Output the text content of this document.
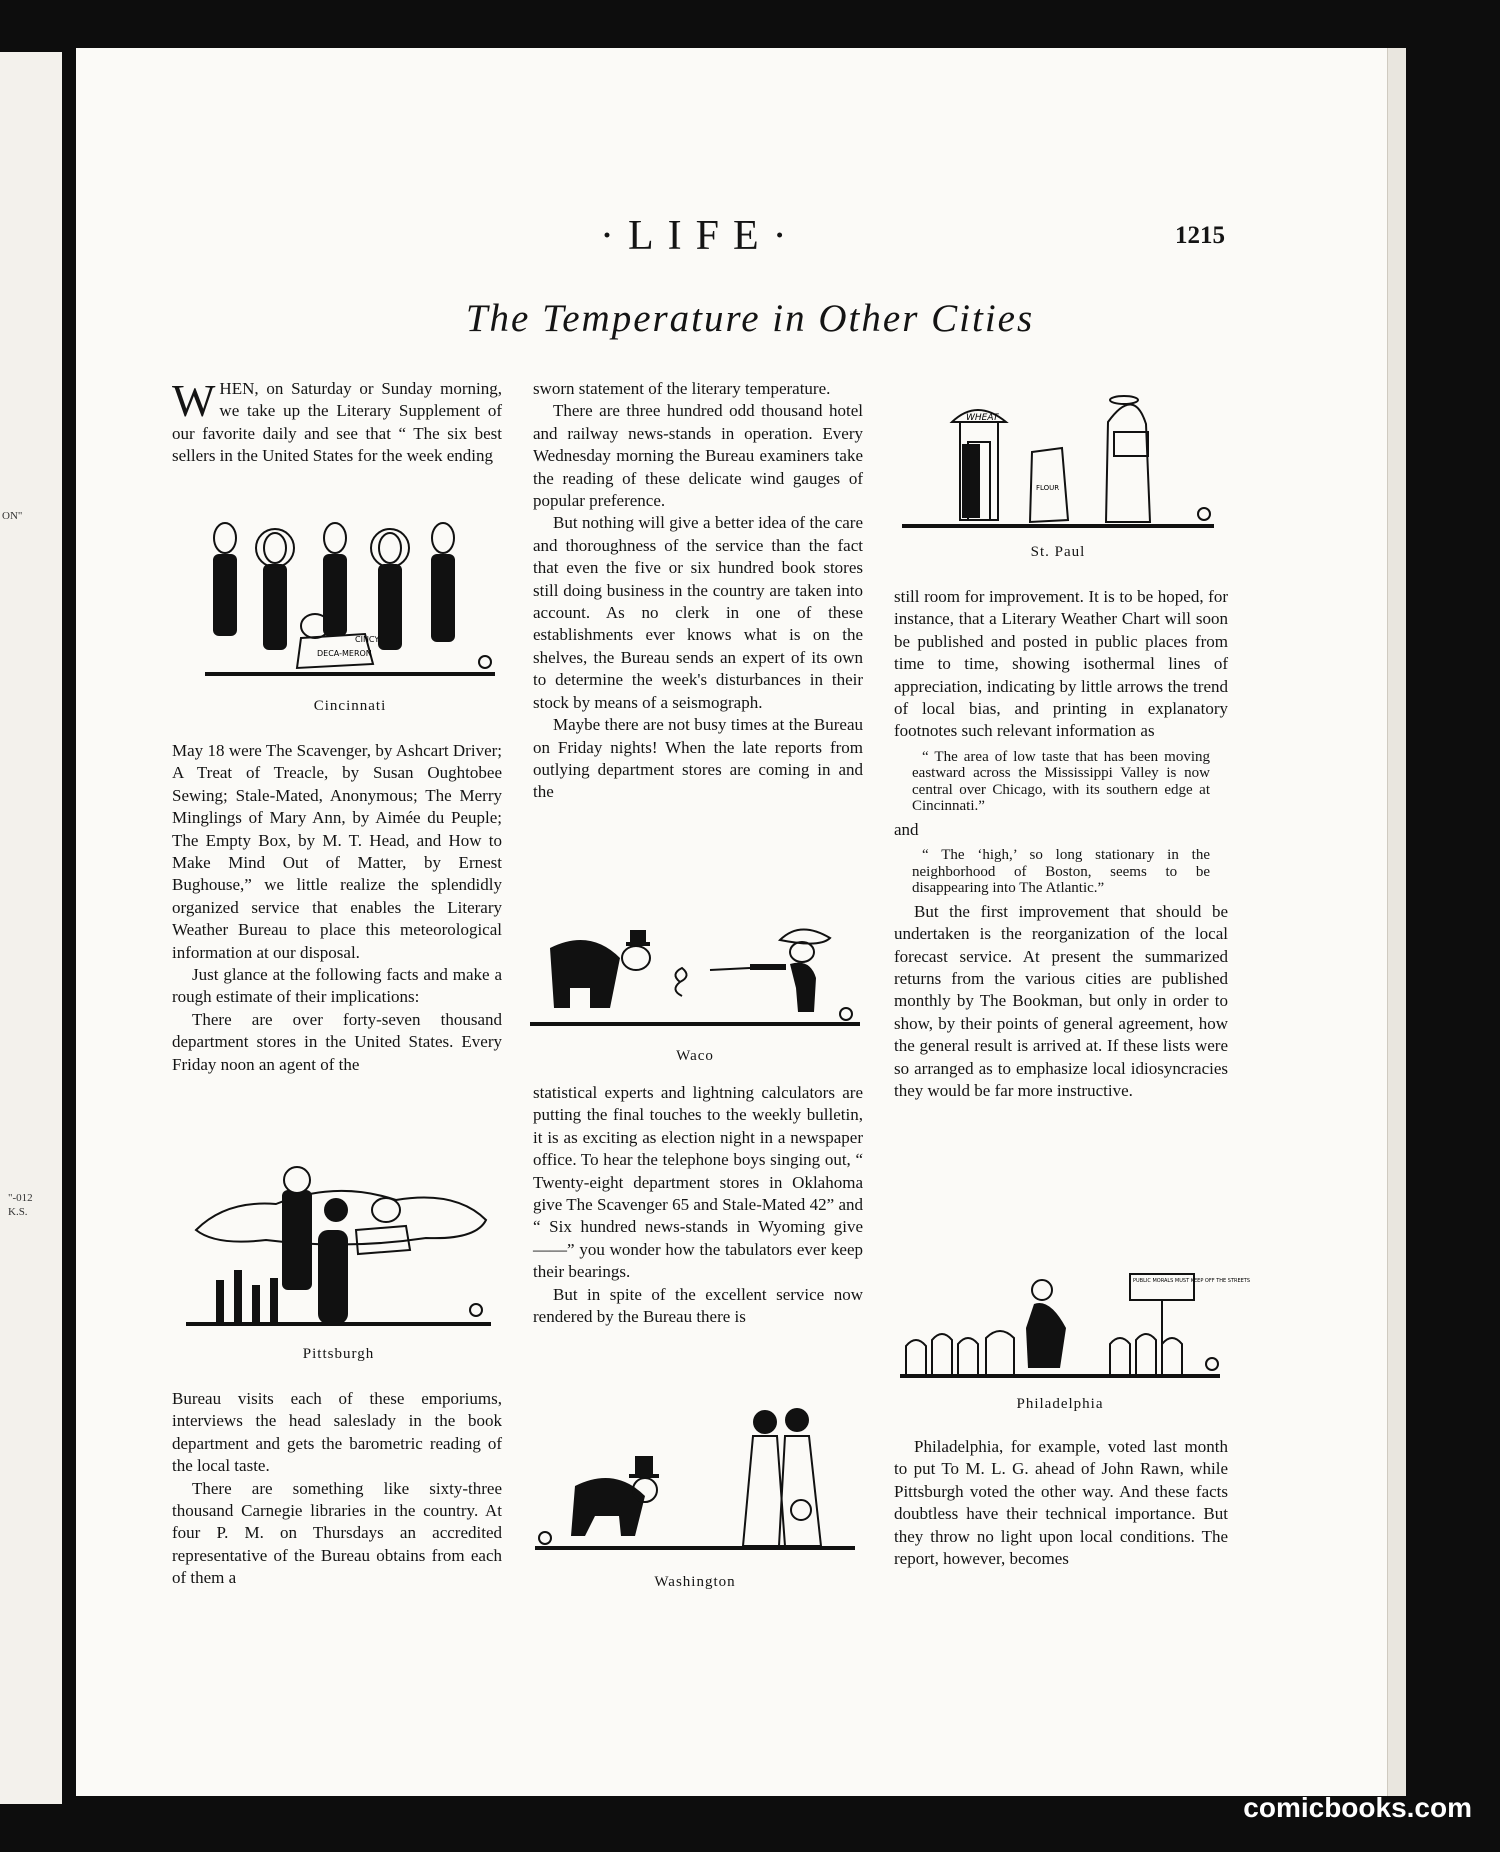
ON"
"-012
K.S.
·LIFE·	1215
The Temperature in Other Cities

WHEN, on Saturday or Sunday morning, we take up the Literary Supplement of our favorite daily and see that “ The six best sellers in the United States for the week ending

DECA-MERON
CINCY
Cincinnati

May 18 were The Scavenger, by Ashcart Driver; A Treat of Treacle, by Susan Oughtobee Sewing; Stale-Mated, Anonymous; The Merry Minglings of Mary Ann, by Aimée du Peuple; The Empty Box, by M. T. Head, and How to Make Mind Out of Matter, by Ernest Bughouse,” we little realize the splendidly organized service that enables the Literary Weather Bureau to place this meteorological information at our disposal.

Just glance at the following facts and make a rough estimate of their implications:

There are over forty-seven thousand department stores in the United States. Every Friday noon an agent of the

Pittsburgh

Bureau visits each of these emporiums, interviews the head saleslady in the book department and gets the barometric reading of the local taste.

There are something like sixty-three thousand Carnegie libraries in the country. At four P. M. on Thursdays an accredited representative of the Bureau obtains from each of them a

sworn statement of the literary temperature.

There are three hundred odd thousand hotel and railway news-stands in operation. Every Wednesday morning the Bureau examiners take the reading of these delicate wind gauges of popular preference.

But nothing will give a better idea of the care and thoroughness of the service than the fact that even the five or six hundred book stores still doing business in the country are taken into account. As no clerk in one of these establishments ever knows what is on the shelves, the Bureau sends an expert of its own to determine the week's disturbances in their stock by means of a seismograph.

Maybe there are not busy times at the Bureau on Friday nights! When the late reports from outlying department stores are coming in and the

Waco

statistical experts and lightning calculators are putting the final touches to the weekly bulletin, it is as exciting as election night in a newspaper office. To hear the telephone boys singing out, “ Twenty-eight department stores in Oklahoma give The Scavenger 65 and Stale-Mated 42” and “ Six hundred news-stands in Wyoming give——” you wonder how the tabulators ever keep their bearings.

But in spite of the excellent service now rendered by the Bureau there is

Washington
WHEAT
FLOUR
St. Paul

still room for improvement. It is to be hoped, for instance, that a Literary Weather Chart will soon be published and posted in public places from time to time, showing isothermal lines of appreciation, indicating by little arrows the trend of local bias, and printing in explanatory footnotes such relevant information as

“ The area of low taste that has been moving eastward across the Mississippi Valley is now central over Chicago, with its southern edge at Cincinnati.”

and

“ The ‘high,’ so long stationary in the neighborhood of Boston, seems to be disappearing into The Atlantic.”

But the first improvement that should be undertaken is the reorganization of the local forecast service. At present the summarized returns from the various cities are published monthly by The Bookman, but only in order to show, by their points of general agreement, how the general result is arrived at. If these lists were so arranged as to emphasize local idiosyncracies they would be far more instructive.

PUBLIC MORALS MUST KEEP OFF THE STREETS
Philadelphia

Philadelphia, for example, voted last month to put To M. L. G. ahead of John Rawn, while Pittsburgh voted the other way. And these facts doubtless have their technical importance. But they throw no light upon local conditions. The report, however, becomes

comicbooks.com
